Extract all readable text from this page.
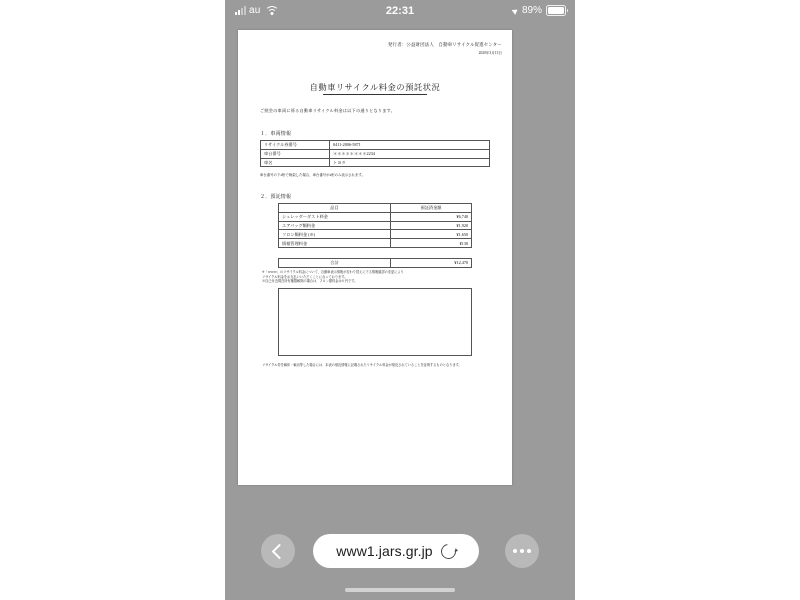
au	22:31	89%
発行者：公益財団法人　自動車リサイクル促進センター
2020年3月13日
自動車リサイクル料金の預託状況
ご照会の車両に係る自動車リサイクル料金は以下の通りとなります。
１．車両情報
リサイクル券番号	0411-2006-5871
車台番号	＊＊＊＊＊＊＊＊2234
車名	トヨタ
車台番号の下4桁で検索した場合、車台番号が4桁のみ表示されます。
２．預託情報
品目	預託済金額
シュレッダーダスト料金	¥6,740
エアバッグ類料金	¥1,920
フロン類料金 (※)	¥1,650
情報管理料金	¥130
合計	¥12,470
※「WWW」のリサイクル料金について、自動車表示情報が変わり替えに下る情報確認の変更により
リサイクル料金をお支払いいただくことになっております。
※自己付近現在所有権限解除の場合は、フロン類料金は０円です。
リサイクル券を解体・輸出等した場合には、本表の預託情報に記載されたリサイクル料金が預託されていることを証明するものとなります。
www1.jars.gr.jp
